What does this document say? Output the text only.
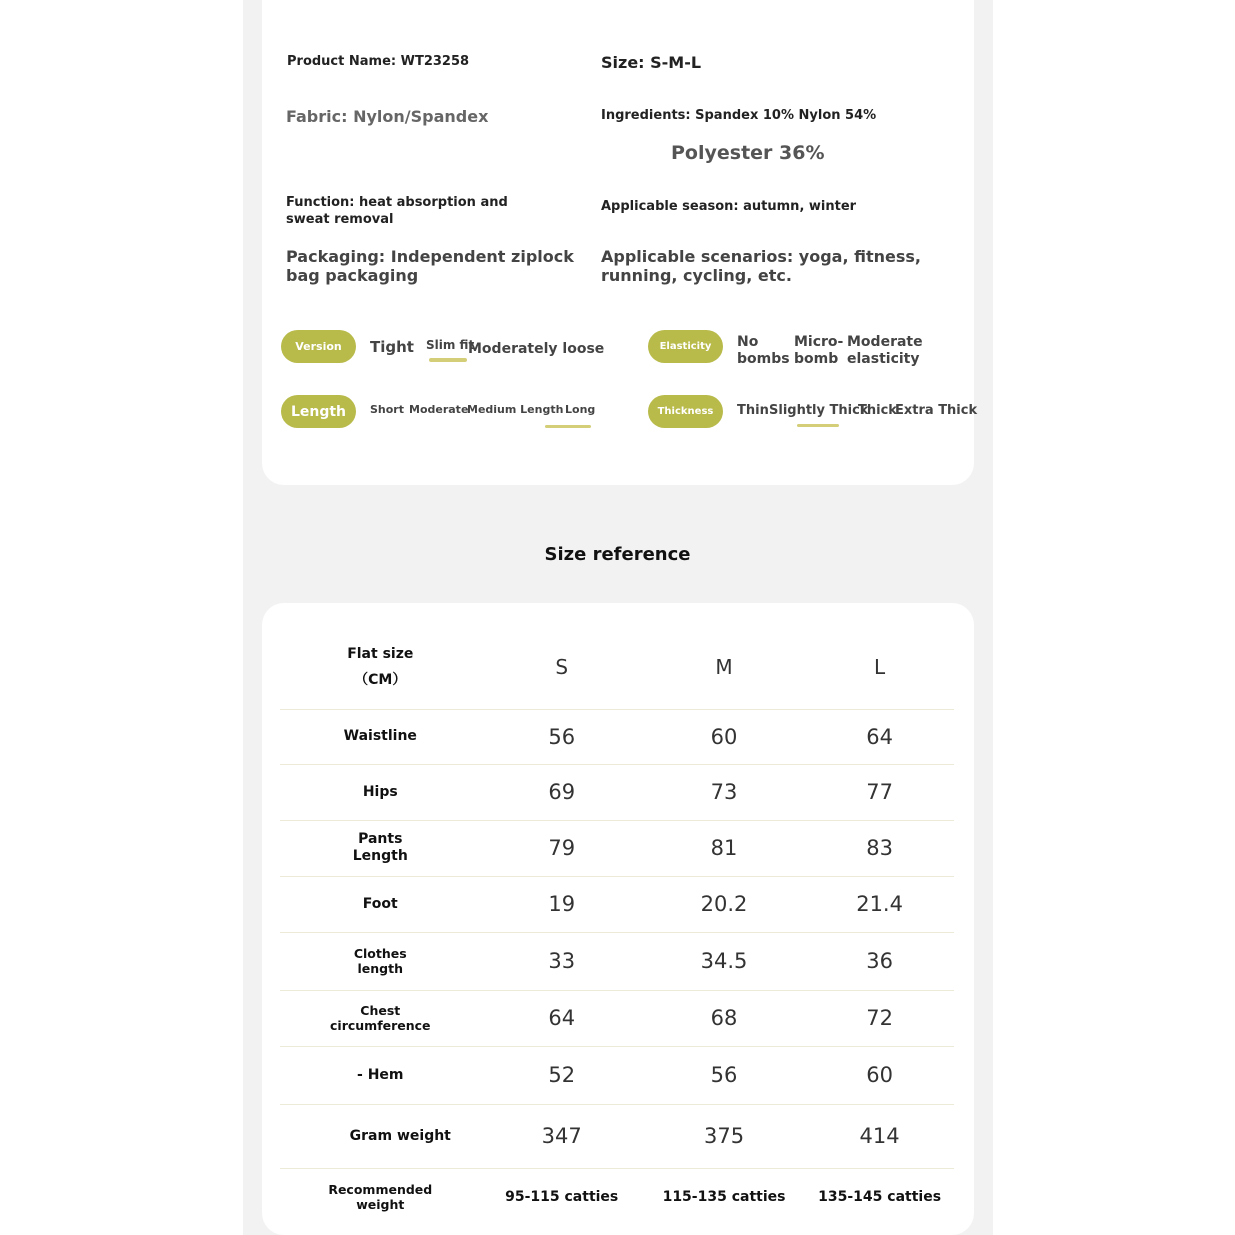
Product Name: WT23258	Size: S-M-L
Fabric: Nylon/Spandex	Ingredients: Spandex 10% Nylon 54%
Polyester 36%
Function: heat absorption and sweat removal
Applicable season: autumn, winter
Packaging: Independent ziplock bag packaging
Applicable scenarios: yoga, fitness, running, cycling, etc.
Version	Tight Slim fit
Moderately loose	Elasticity	No bombs
Micro-bomb
Moderate elasticity
Length	Short Moderate
Medium Length Long	Thickness	Thin Slightly Thick
Thick
Extra Thick
Size reference
Flat size
（CM）	S	M	L
Waistline	56	60	64
Hips	69	73	77
Pants Length	79	81	83
Foot	19	20.2	21.4
Clothes length	33	34.5	36
Chest circumference	64	68	72
- Hem	52	56	60
Gram weight	347	375	414
Recommended weight	95-115 catties	115-135 catties	135-145 catties
